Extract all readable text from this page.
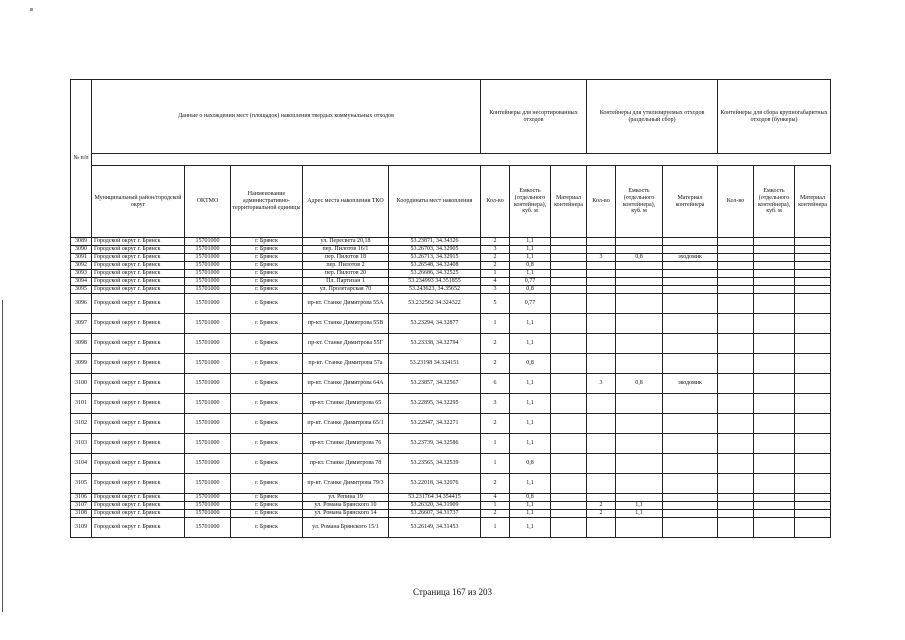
№ п/п	Данные о нахождении мест (площадок) накопления твердых коммунальных отходов					Контейнеры для несортированных отходов			Контейнеры для утилизируемых отходов (раздельный сбор)			Контейнеры для сбора крупногабаритных отходов (бункеры)		

	Муниципальный район/городской округ	ОКТМО	Наименование административно-территориальной единицы	Адрес места накопления ТКО	Координаты мест накопления	Кол-во	Емкость (отдельного контейнера), куб. м	Материал контейнера	Кол-во	Емкость (отдельного контейнера), куб. м	Материал контейнера	Кол-во	Емкость (отдельного контейнера), куб. м	Материал контейнера
3089	Городской округ г. Брянск	15701000	г. Брянск	ул. Пересвета 20,18	53.23871, 34.34326	2	1,1							
3090	Городской округ г. Брянск	15701000	г. Брянск	пер. Пилотов 16/1	53.26703, 34.32905	3	1,1							
3091	Городской округ г. Брянск	15701000	г. Брянск	пер. Пилотов 18	53.26713, 34.32915	2	1,1		3	0,8	эходомик			
3092	Городской округ г. Брянск	15701000	г. Брянск	пер. Пилотов 2	53.26548, 34.32408	2	0,8							
3093	Городской округ г. Брянск	15701000	г. Брянск	пер. Пилотов 20	53.26686, 34.32525	1	1,1							
3094	Городской округ г. Брянск	15701000	г. Брянск	Пл. Партизан 1	53.234993 34.351855	4	0,77							
3095	Городской округ г. Брянск	15701000	г. Брянск	ул. Пролетарская 70	53.243623, 34.35652	3	0,8							
3096	Городской округ г. Брянск	15701000	г. Брянск	пр-кт. Станке Димитрова 55А	53.232562 34.324322	5	0,77							
3097	Городской округ г. Брянск	15701000	г. Брянск	пр-кт. Станке Димитрова 55В	53.23294, 34.32877	1	1,1							
3098	Городской округ г. Брянск	15701000	г. Брянск	пр-кт. Станке Димитрова 55Г	53.23338, 34.32794	2	1,1							
3099	Городской округ г. Брянск	15701000	г. Брянск	пр-кт. Станке Димитрова 57а	53.23198 34.324151	2	0,8							
3100	Городской округ г. Брянск	15701000	г. Брянск	пр-кт. Станке Димитрова 64А	53.23857, 34.32567	6	1,1		3	0,8	экодомик			
3101	Городской округ г. Брянск	15701000	г. Брянск	пр-кт. Станке Димитрова 65	53.22895, 34.32295	3	1,1							
3102	Городской округ г. Брянск	15701000	г. Брянск	пр-кт. Станке Димитрова 65/1	53.22947, 34.32271	2	1,1							
3103	Городской округ г. Брянск	15701000	г. Брянск	пр-кт. Станке Димитрова 76	53.23739, 34.32586	1	1,1							
3104	Городской округ г. Брянск	15701000	г. Брянск	пр-кт. Станке Димитрова 78	53.23565, 34.32539	1	0,8							
3105	Городской округ г. Брянск	15701000	г. Брянск	пр-кт. Станке Димитрова 79/3	53.22018, 34.32076	2	1,1							
3106	Городской округ г. Брянск	15701000	г. Брянск	ул. Репина 19	53.231764 34.354415	4	0,8							
3107	Городской округ г. Брянск	15701000	г. Брянск	ул. Романа Брянского 10	53.26320, 34.31909	1	1,1		2	1,1				
3108	Городской округ г. Брянск	15701000	г. Брянск	ул. Романа Брянского 14	53.26607, 34.31737	2	1,1		2	1,1				
3109	Городской округ г. Брянск	15701000	г. Брянск	ул. Романа Брянского 15/1	53.26149, 34.31453	1	1,1							
Страница 167 из 203
